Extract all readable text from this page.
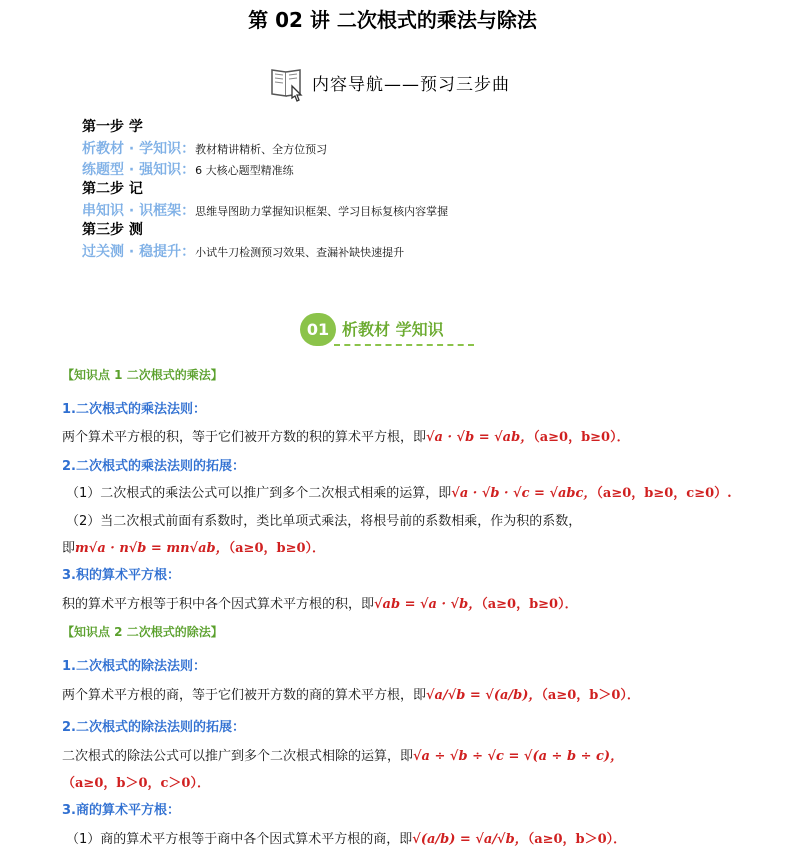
第 02 讲 二次根式的乘法与除法
内容导航——预习三步曲
第一步 学
析教材 · 学知识：教材精讲精析、全方位预习
练题型 · 强知识：6 大核心题型精准练
第二步 记
串知识 · 识框架：思维导图助力掌握知识框架、学习目标复核内容掌握
第三步 测
过关测 · 稳提升：小试牛刀检测预习效果、查漏补缺快速提升
01 析教材 学知识
【知识点 1 二次根式的乘法】
1.二次根式的乘法法则：
两个算术平方根的积，等于它们被开方数的积的算术平方根，即√a · √b = √ab，（a≥0，b≥0）．
2.二次根式的乘法法则的拓展：
（1）二次根式的乘法公式可以推广到多个二次根式相乘的运算，即√a · √b · √c = √abc，（a≥0，b≥0，c≥0）.
（2）当二次根式前面有系数时，类比单项式乘法，将根号前的系数相乘，作为积的系数，
即m√a · n√b = mn√ab，（a≥0，b≥0）．
3.积的算术平方根：
积的算术平方根等于积中各个因式算术平方根的积，即√ab = √a · √b，（a≥0，b≥0）．
【知识点 2 二次根式的除法】
1.二次根式的除法法则：
两个算术平方根的商，等于它们被开方数的商的算术平方根，即√a/√b = √(a/b)，（a≥0，b＞0）．
2.二次根式的除法法则的拓展：
二次根式的除法公式可以推广到多个二次根式相除的运算，即√a ÷ √b ÷ √c = √(a ÷ b ÷ c)，
（a≥0，b＞0，c＞0）．
3.商的算术平方根：
（1）商的算术平方根等于商中各个因式算术平方根的商，即√(a/b) = √a/√b，（a≥0，b＞0）．
